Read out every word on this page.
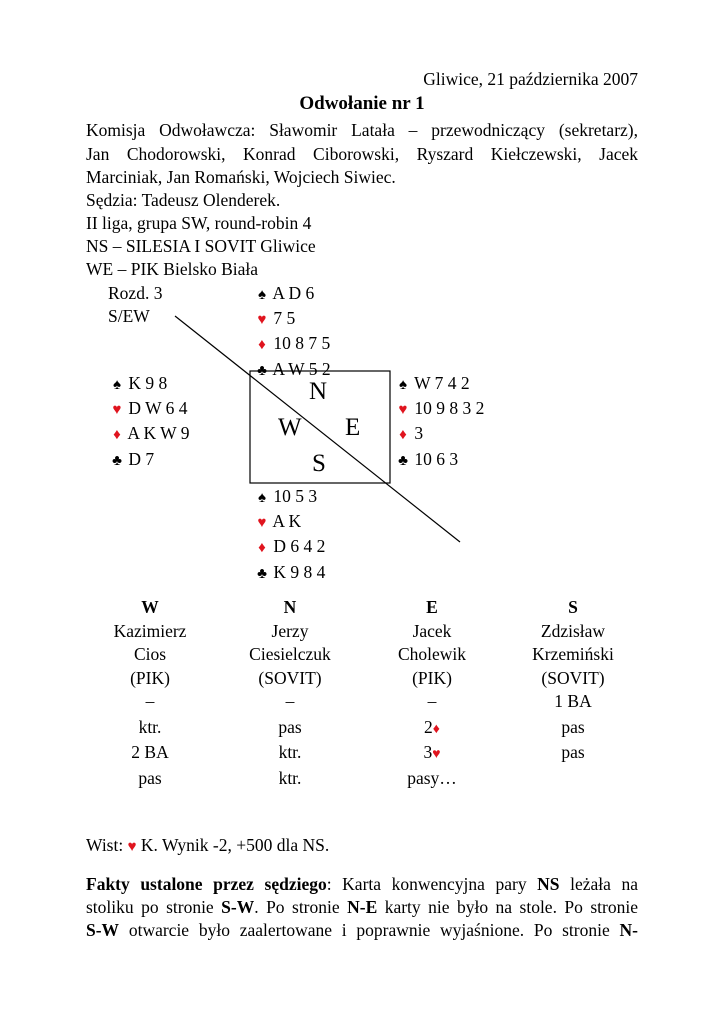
Gliwice, 21 października 2007
Odwołanie nr 1
Komisja Odwoławcza: Sławomir Latała – przewodniczący (sekretarz),
Jan Chodorowski, Konrad Ciborowski, Ryszard Kiełczewski, Jacek
Marciniak, Jan Romański, Wojciech Siwiec.
Sędzia: Tadeusz Olenderek.
II liga, grupa SW, round-robin 4
NS – SILESIA I SOVIT Gliwice
WE – PIK Bielsko Biała
Rozd. 3
S/EW
N
W E
S
♠ A D 6
♥ 7 5
♦ 10 8 7 5
♣ A W 5 2
♠ K 9 8
♥ D W 6 4
♦ A K W 9
♣ D 7
♠ W 7 4 2
♥ 10 9 8 3 2
♦ 3
♣ 10 6 3
♠ 10 5 3
♥ A K
♦ D 6 4 2
♣ K 9 8 4
W
Kazimierz
Cios
(PIK)
–
ktr.
2 BA
pas
N
Jerzy
Ciesielczuk
(SOVIT)
–
pas
ktr.
ktr.
E
Jacek
Cholewik
(PIK)
–
2♦
3♥
pasy…
S
Zdzisław
Krzemiński
(SOVIT)
1 BA
pas
pas
Wist: ♥ K. Wynik -2, +500 dla NS.
Fakty ustalone przez sędziego: Karta konwencyjna pary NS leżała na
stoliku po stronie S-W. Po stronie N-E karty nie było na stole. Po stronie
S-W otwarcie było zaalertowane i poprawnie wyjaśnione. Po stronie N-
